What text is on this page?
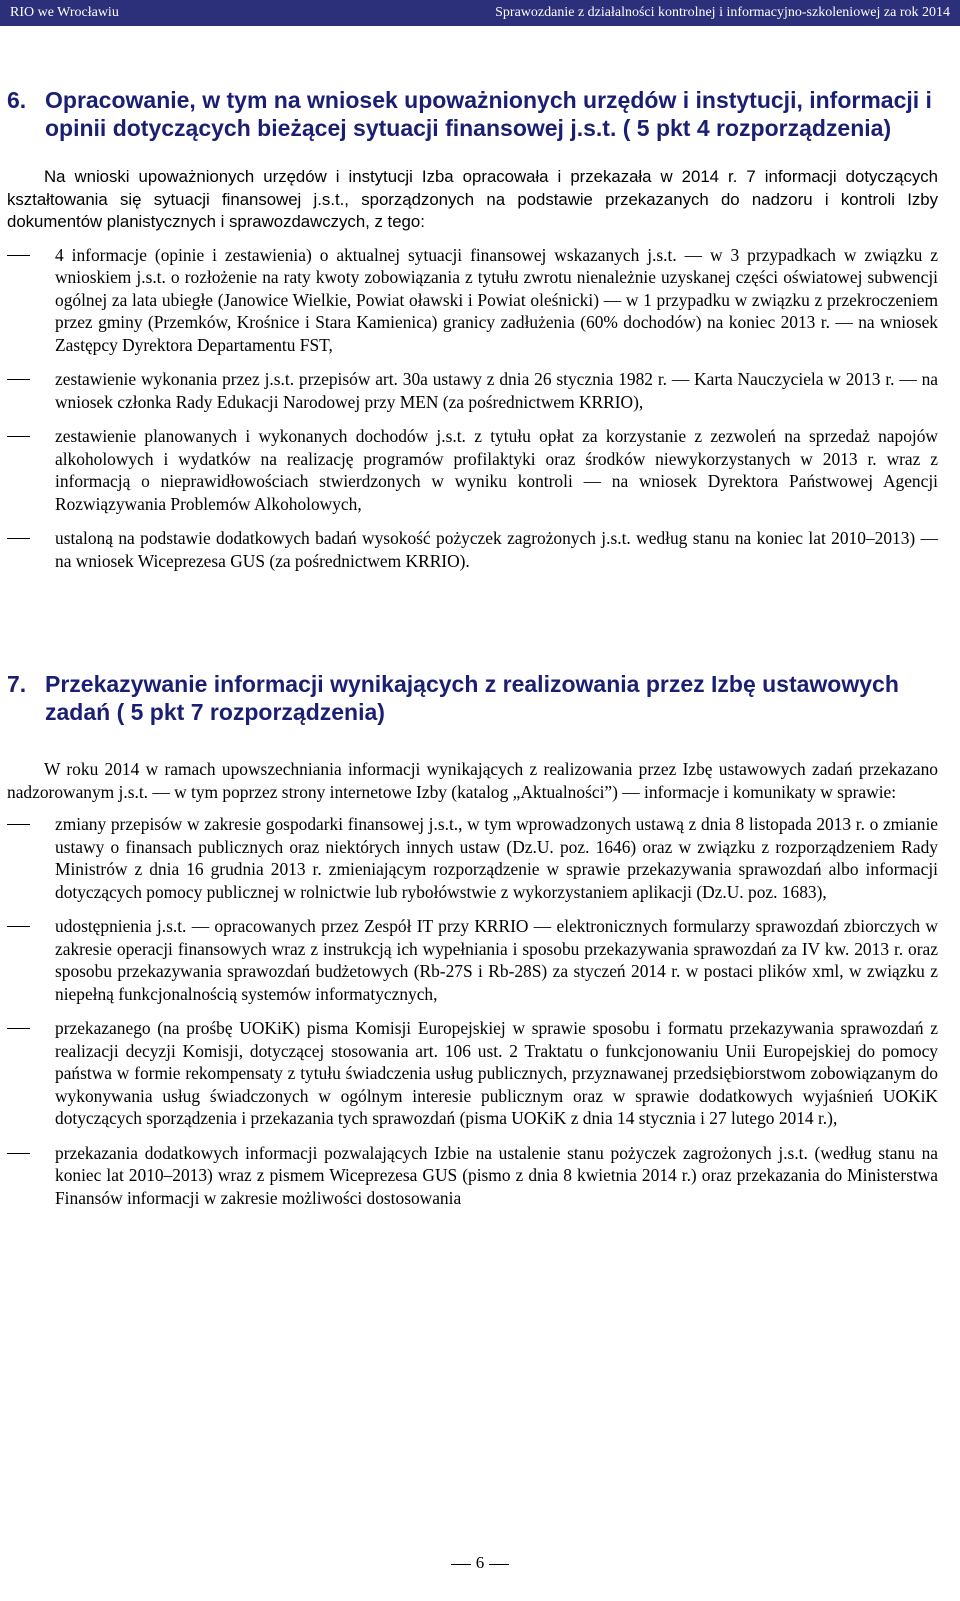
RIO we Wrocławiu	Sprawozdanie z działalności kontrolnej i informacyjno-szkoleniowej za rok 2014
6. Opracowanie, w tym na wniosek upoważnionych urzędów i instytucji, informacji i opinii dotyczących bieżącej sytuacji finansowej j.s.t. ( 5 pkt 4 rozporządzenia)

Na wnioski upoważnionych urzędów i instytucji Izba opracowała i przekazała w 2014 r. 7 informacji dotyczących kształtowania się sytuacji finansowej j.s.t., sporządzonych na podstawie przekazanych do nadzoru i kontroli Izby dokumentów planistycznych i sprawozdawczych, z tego:

4 informacje (opinie i zestawienia) o aktualnej sytuacji finansowej wskazanych j.s.t. — w 3 przypadkach w związku z wnioskiem j.s.t. o rozłożenie na raty kwoty zobowiązania z tytułu zwrotu nienależnie uzyskanej części oświatowej subwencji ogólnej za lata ubiegłe (Janowice Wielkie, Powiat oławski i Powiat oleśnicki) — w 1 przypadku w związku z przekroczeniem przez gminy (Przemków, Krośnice i Stara Kamienica) granicy zadłużenia (60% dochodów) na koniec 2013 r. — na wniosek Zastępcy Dyrektora Departamentu FST,
zestawienie wykonania przez j.s.t. przepisów art. 30a ustawy z dnia 26 stycznia 1982 r. — Karta Nauczyciela w 2013 r. — na wniosek członka Rady Edukacji Narodowej przy MEN (za pośrednictwem KRRIO),
zestawienie planowanych i wykonanych dochodów j.s.t. z tytułu opłat za korzystanie z zezwoleń na sprzedaż napojów alkoholowych i wydatków na realizację programów profilaktyki oraz środków niewykorzystanych w 2013 r. wraz z informacją o nieprawidłowościach stwierdzonych w wyniku kontroli — na wniosek Dyrektora Państwowej Agencji Rozwiązywania Problemów Alkoholowych,
ustaloną na podstawie dodatkowych badań wysokość pożyczek zagrożonych j.s.t. według stanu na koniec lat 2010–2013) — na wniosek Wiceprezesa GUS (za pośrednictwem KRRIO).
7. Przekazywanie informacji wynikających z realizowania przez Izbę ustawowych zadań ( 5 pkt 7 rozporządzenia)

W roku 2014 w ramach upowszechniania informacji wynikających z realizowania przez Izbę ustawowych zadań przekazano nadzorowanym j.s.t. — w tym poprzez strony internetowe Izby (katalog „Aktualności”) — informacje i komunikaty w sprawie:

zmiany przepisów w zakresie gospodarki finansowej j.s.t., w tym wprowadzonych ustawą z dnia 8 listopada 2013 r. o zmianie ustawy o finansach publicznych oraz niektórych innych ustaw (Dz.U. poz. 1646) oraz w związku z rozporządzeniem Rady Ministrów z dnia 16 grudnia 2013 r. zmieniającym rozporządzenie w sprawie przekazywania sprawozdań albo informacji dotyczących pomocy publicznej w rolnictwie lub rybołówstwie z wykorzystaniem aplikacji (Dz.U. poz. 1683),
udostępnienia j.s.t. — opracowanych przez Zespół IT przy KRRIO — elektronicznych formularzy sprawozdań zbiorczych w zakresie operacji finansowych wraz z instrukcją ich wypełniania i sposobu przekazywania sprawozdań za IV kw. 2013 r. oraz sposobu przekazywania sprawozdań budżetowych (Rb-27S i Rb-28S) za styczeń 2014 r. w postaci plików xml, w związku z niepełną funkcjonalnością systemów informatycznych,
przekazanego (na prośbę UOKiK) pisma Komisji Europejskiej w sprawie sposobu i formatu przekazywania sprawozdań z realizacji decyzji Komisji, dotyczącej stosowania art. 106 ust. 2 Traktatu o funkcjonowaniu Unii Europejskiej do pomocy państwa w formie rekompensaty z tytułu świadczenia usług publicznych, przyznawanej przedsiębiorstwom zobowiązanym do wykonywania usług świadczonych w ogólnym interesie publicznym oraz w sprawie dodatkowych wyjaśnień UOKiK dotyczących sporządzenia i przekazania tych sprawozdań (pisma UOKiK z dnia 14 stycznia i 27 lutego 2014 r.),
przekazania dodatkowych informacji pozwalających Izbie na ustalenie stanu pożyczek zagrożonych j.s.t. (według stanu na koniec lat 2010–2013) wraz z pismem Wiceprezesa GUS (pismo z dnia 8 kwietnia 2014 r.) oraz przekazania do Ministerstwa Finansów informacji w zakresie możliwości dostosowania
6
